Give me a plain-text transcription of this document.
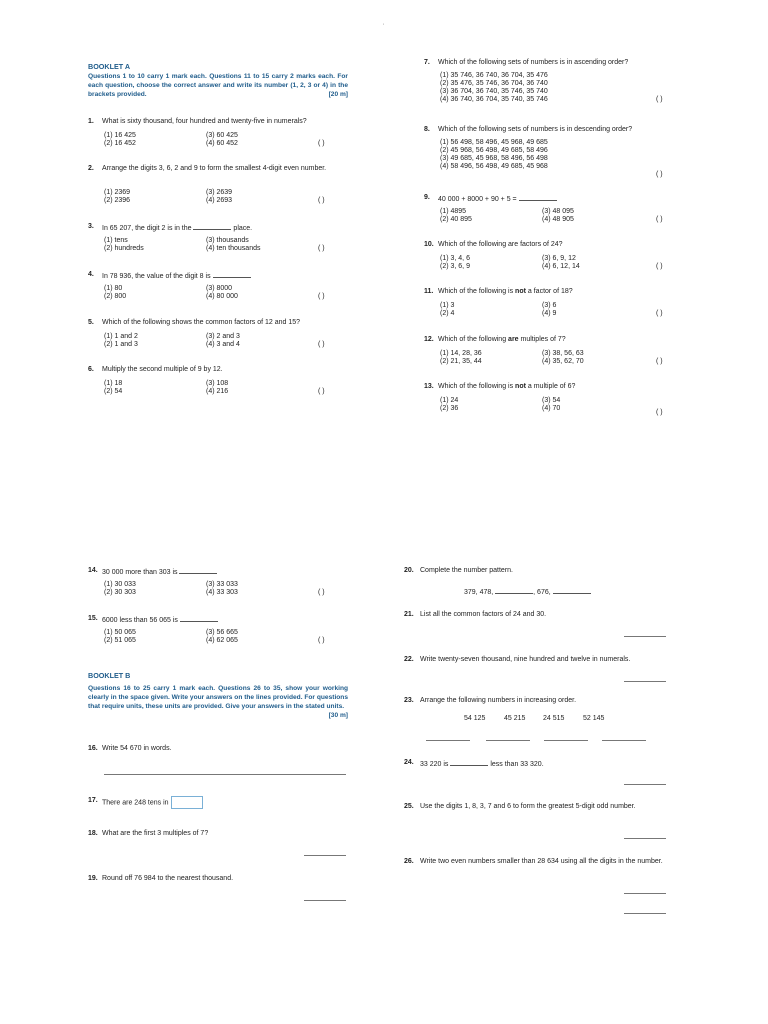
'
BOOKLET A
Questions 1 to 10 carry 1 mark each. Questions 11 to 15 carry 2 marks each. For each question, choose the correct answer and write its number (1, 2, 3 or 4) in the brackets provided.	[20 m]
1. What is sixty thousand, four hundred and twenty-five in numerals?
(1) 16 425
(2) 16 452
(3) 60 425
(4) 60 452	( )
2. Arrange the digits 3, 6, 2 and 9 to form the smallest 4-digit even number.
(1) 2369
(2) 2396
(3) 2639
(4) 2693	( )
3. In 65 207, the digit 2 is in the	place.
(1) tens
(2) hundreds
(3) thousands
(4) ten thousands	( )
4. In 78 936, the value of the digit 8 is
(1) 80
(2) 800
(3) 8000
(4) 80 000	( )
5. Which of the following shows the common factors of 12 and 15?
(1) 1 and 2
(2) 1 and 3
(3) 2 and 3
(4) 3 and 4	( )
6. Multiply the second multiple of 9 by 12.
(1) 18
(2) 54
(3) 108
(4) 216	( )
7. Which of the following sets of numbers is in ascending order?
(1) 35 746, 36 740, 36 704, 35 476
(2) 35 476, 35 746, 36 704, 36 740
(3) 36 704, 36 740, 35 746, 35 740
(4) 36 740, 36 704, 35 740, 35 746	( )
8. Which of the following sets of numbers is in descending order?
(1) 56 498, 58 496, 45 968, 49 685
(2) 45 968, 56 498, 49 685, 58 496
(3) 49 685, 45 968, 58 496, 56 498
(4) 58 496, 56 498, 49 685, 45 968
( )
9. 40 000 + 8000 + 90 + 5 =
(1) 4895
(2) 40 895
(3) 48 095
(4) 48 905	( )
10. Which of the following are factors of 24?
(1) 3, 4, 6
(2) 3, 6, 9
(3) 6, 9, 12
(4) 6, 12, 14	( )
11. Which of the following is not a factor of 18?
(1) 3
(2) 4
(3) 6
(4) 9	( )
12. Which of the following are multiples of 7?
(1) 14, 28, 36
(2) 21, 35, 44
(3) 38, 56, 63
(4) 35, 62, 70	( )
13. Which of the following is not a multiple of 6?
(1) 24
(2) 36
(3) 54
(4) 70
( )
14. 30 000 more than 303 is
(1) 30 033
(2) 30 303
(3) 33 033
(4) 33 303	( )
15. 6000 less than 56 065 is
(1) 50 065
(2) 51 065
(3) 56 665
(4) 62 065	( )
BOOKLET B
Questions 16 to 25 carry 1 mark each. Questions 26 to 35, show your working clearly in the space given. Write your answers on the lines provided. For questions that require units, these units are provided. Give your answers in the stated units.
[30 m]
16. Write 54 670 in words.
17. There are 248 tens in
18. What are the first 3 multiples of 7?
19. Round off 76 984 to the nearest thousand.
20. Complete the number pattern.
379, 478,	, 676,
21. List all the common factors of 24 and 30.
22. Write twenty-seven thousand, nine hundred and twelve in numerals.
23. Arrange the following numbers in increasing order.
54 125	45 215	24 515	52 145
24. 33 220 is	less than 33 320.
25. Use the digits 1, 8, 3, 7 and 6 to form the greatest 5-digit odd number.
26. Write two even numbers smaller than 28 634 using all the digits in the number.
